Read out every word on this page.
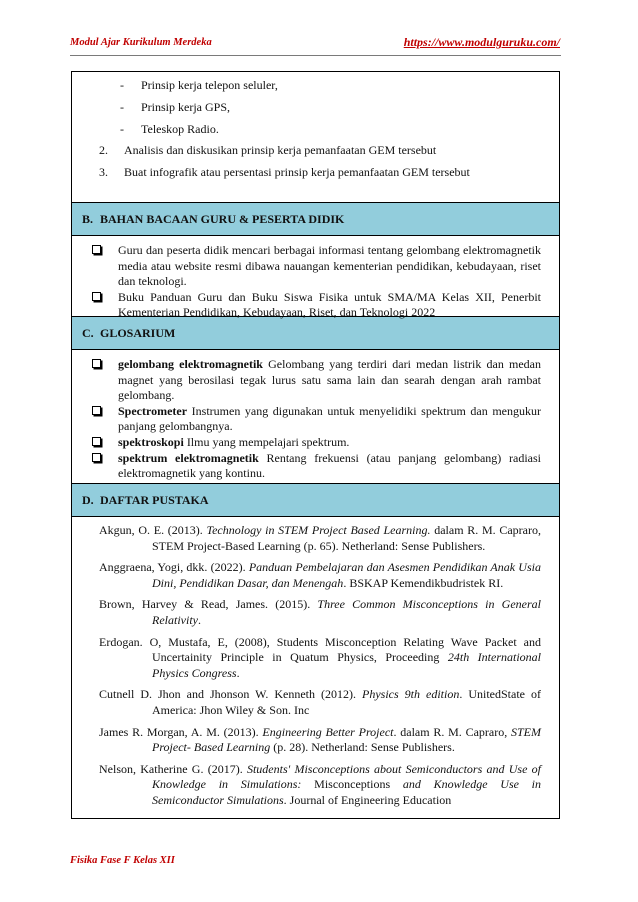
Modul Ajar Kurikulum Merdeka	https://www.modulguruku.com/
- Prinsip kerja telepon seluler,
- Prinsip kerja GPS,
- Teleskop Radio.
2. Analisis dan diskusikan prinsip kerja pemanfaatan GEM tersebut
3. Buat infografik atau persentasi prinsip kerja pemanfaatan GEM tersebut
B. BAHAN BACAAN GURU & PESERTA DIDIK
Guru dan peserta didik mencari berbagai informasi tentang gelombang elektromagnetik media atau website resmi dibawa nauangan kementerian pendidikan, kebudayaan, riset dan teknologi.
Buku Panduan Guru dan Buku Siswa Fisika untuk SMA/MA Kelas XII, Penerbit Kementerian Pendidikan, Kebudayaan, Riset, dan Teknologi 2022
C. GLOSARIUM
gelombang elektromagnetik Gelombang yang terdiri dari medan listrik dan medan magnet yang berosilasi tegak lurus satu sama lain dan searah dengan arah rambat gelombang.
Spectrometer Instrumen yang digunakan untuk menyelidiki spektrum dan mengukur panjang gelombangnya.
spektroskopi Ilmu yang mempelajari spektrum.
spektrum elektromagnetik Rentang frekuensi (atau panjang gelombang) radiasi elektromagnetik yang kontinu.
D. DAFTAR PUSTAKA
Akgun, O. E. (2013). Technology in STEM Project Based Learning. dalam R. M. Capraro, STEM Project-Based Learning (p. 65). Netherland: Sense Publishers.
Anggraena, Yogi, dkk. (2022). Panduan Pembelajaran dan Asesmen Pendidikan Anak Usia Dini, Pendidikan Dasar, dan Menengah. BSKAP Kemendikbudristek RI.
Brown, Harvey & Read, James. (2015). Three Common Misconceptions in General Relativity.
Erdogan. O, Mustafa, E, (2008), Students Misconception Relating Wave Packet and Uncertainity Principle in Quatum Physics, Proceeding 24th International Physics Congress.
Cutnell D. Jhon and Jhonson W. Kenneth (2012). Physics 9th edition. UnitedState of America: Jhon Wiley & Son. Inc
James R. Morgan, A. M. (2013). Engineering Better Project. dalam R. M. Capraro, STEM Project- Based Learning (p. 28). Netherland: Sense Publishers.
Nelson, Katherine G. (2017). Students' Misconceptions about Semiconductors and Use of Knowledge in Simulations: Misconceptions and Knowledge Use in Semiconductor Simulations. Journal of Engineering Education
Fisika Fase F Kelas XII
